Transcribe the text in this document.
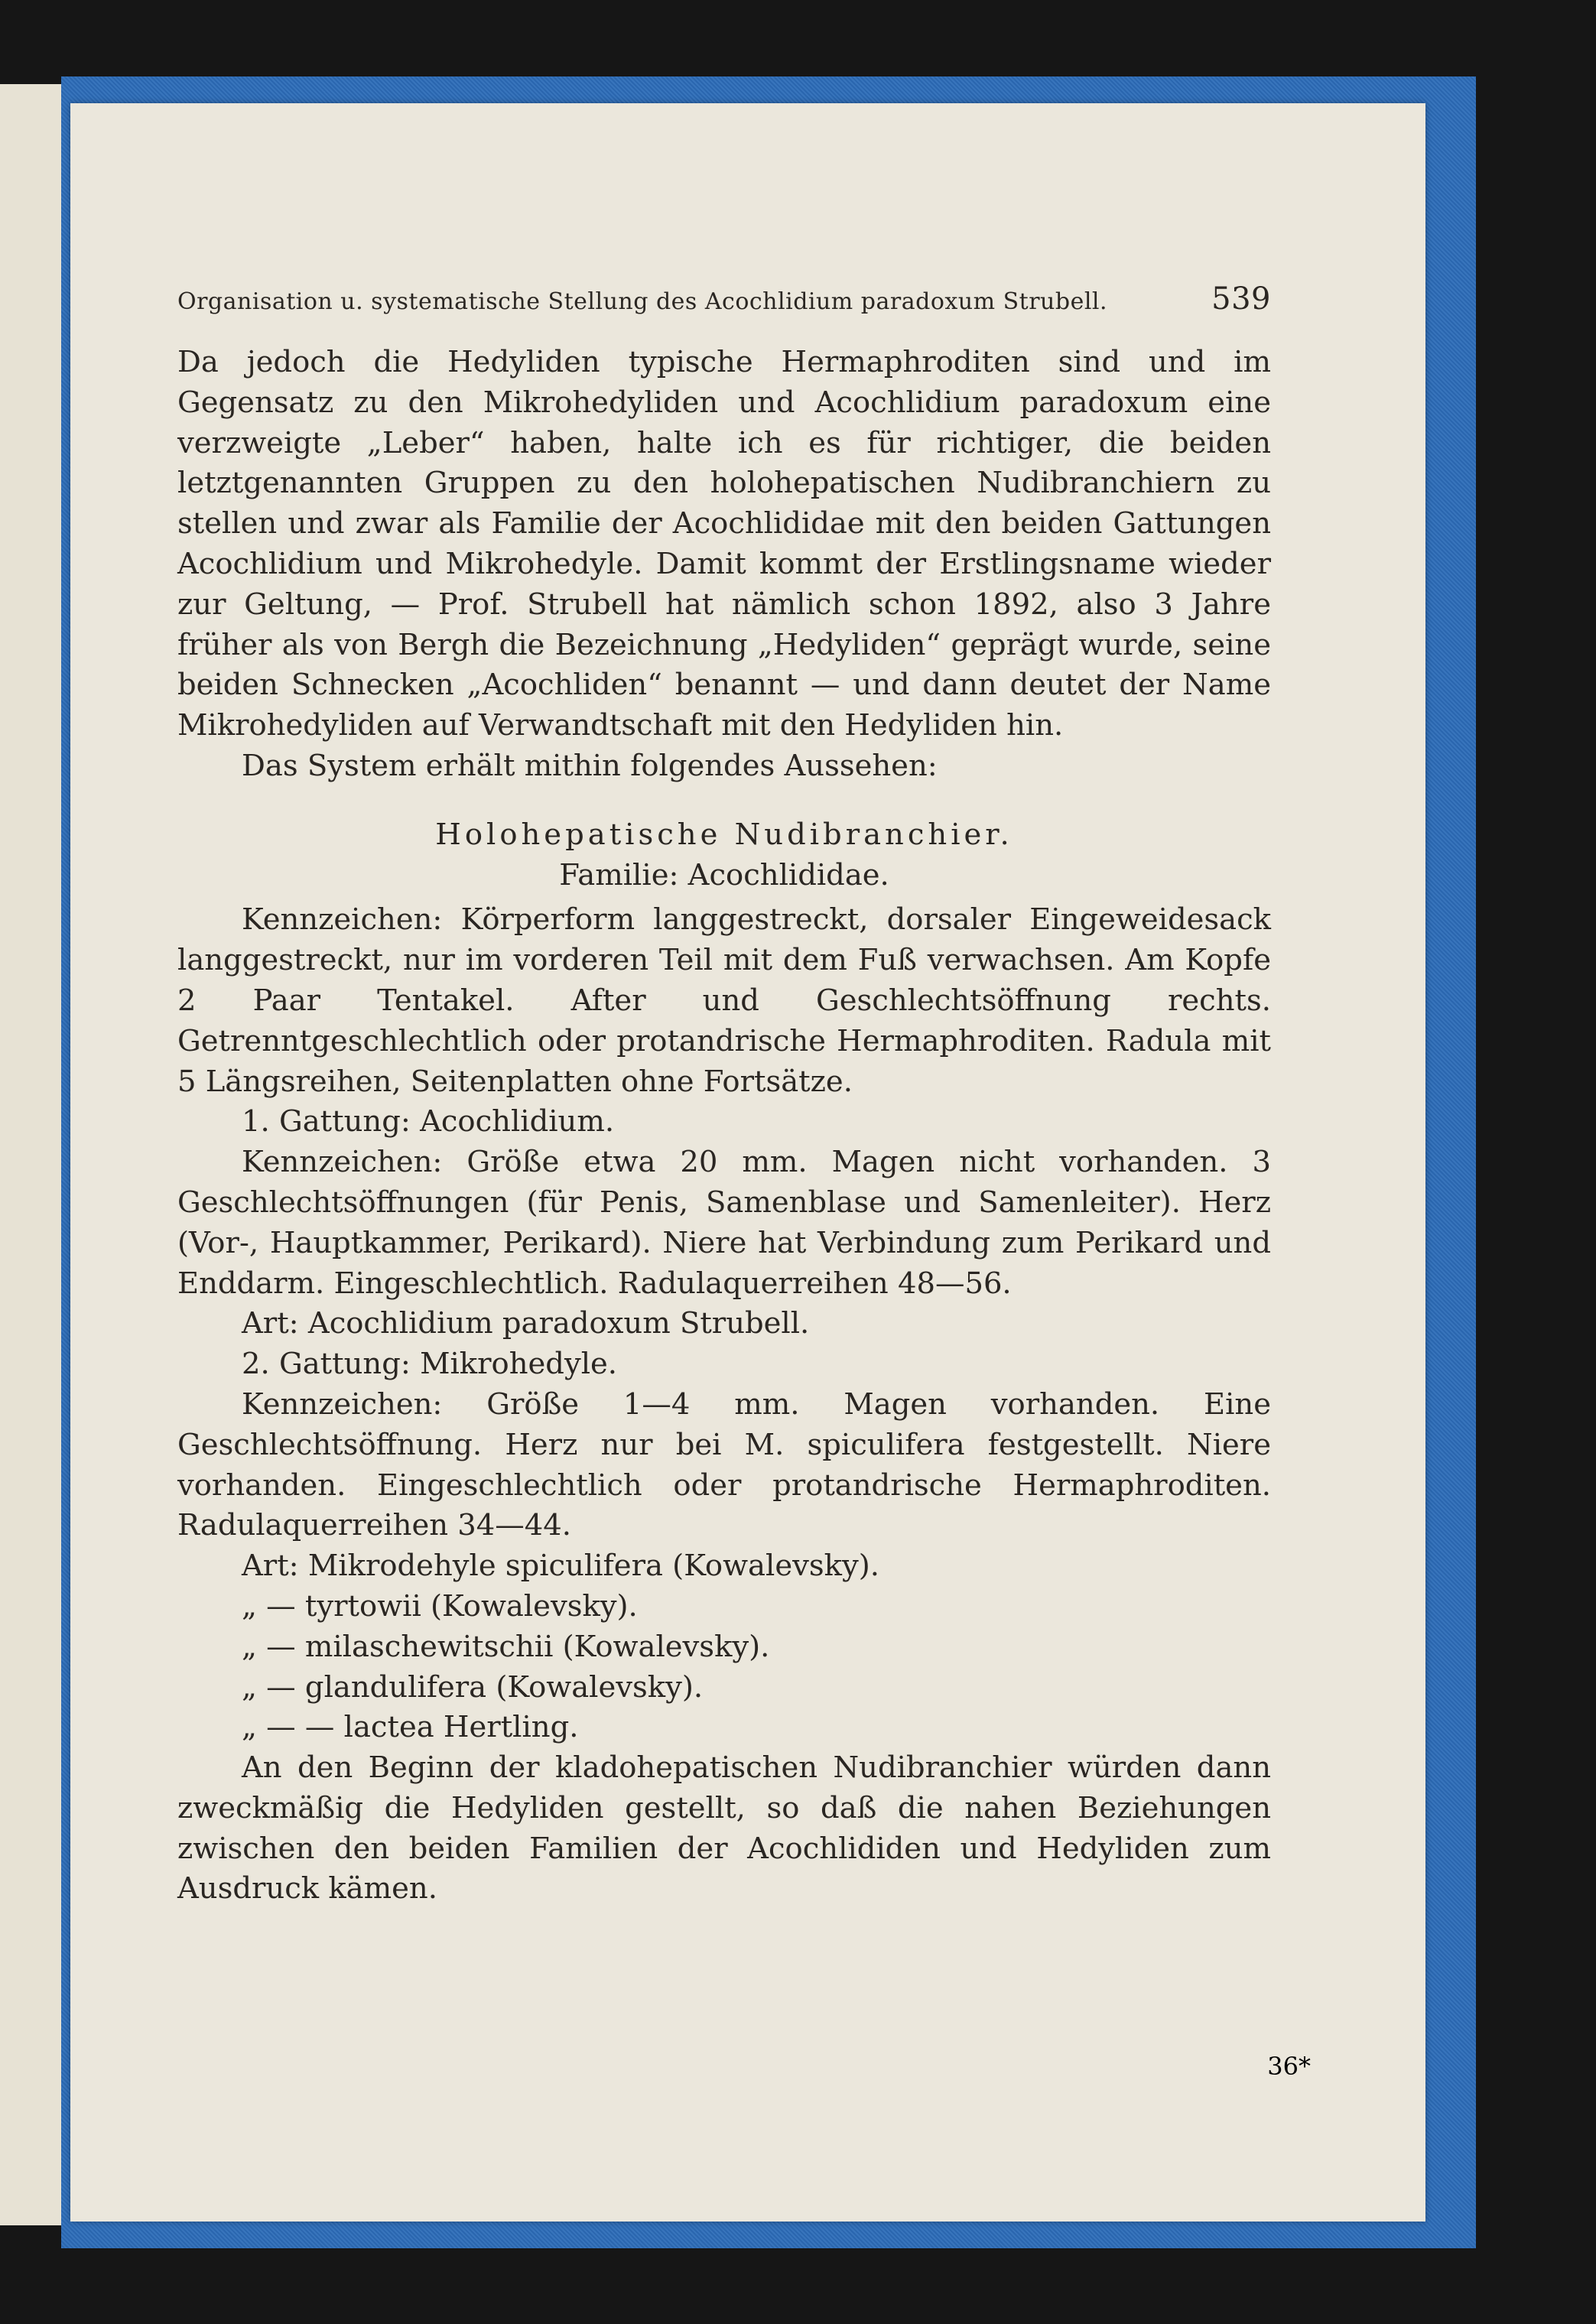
Organisation u. systematische Stellung des Acochlidium paradoxum Strubell.	539

Da jedoch die Hedyliden typische Hermaphroditen sind und im Gegensatz zu den Mikrohedyliden und Acochlidium paradoxum eine verzweigte „Leber“ haben, halte ich es für richtiger, die beiden letztgenannten Gruppen zu den holohepatischen Nudibranchiern zu stellen und zwar als Familie der Acochlididae mit den beiden Gattungen Acochlidium und Mikrohedyle. Damit kommt der Erstlingsname wieder zur Geltung, — Prof. Strubell hat nämlich schon 1892, also 3 Jahre früher als von Bergh die Bezeichnung „Hedyliden“ geprägt wurde, seine beiden Schnecken „Acochliden“ benannt — und dann deutet der Name Mikrohedyliden auf Verwandtschaft mit den Hedyliden hin.

Das System erhält mithin folgendes Aussehen:

Holohepatische Nudibranchier.

Familie: Acochlididae.

Kennzeichen: Körperform langgestreckt, dorsaler Eingeweidesack langgestreckt, nur im vorderen Teil mit dem Fuß verwachsen. Am Kopfe 2 Paar Tentakel. After und Geschlechtsöffnung rechts. Getrenntgeschlechtlich oder protandrische Hermaphroditen. Radula mit 5 Längsreihen, Seitenplatten ohne Fortsätze.

1. Gattung: Acochlidium.

Kennzeichen: Größe etwa 20 mm. Magen nicht vorhanden. 3 Geschlechtsöffnungen (für Penis, Samenblase und Samenleiter). Herz (Vor-, Hauptkammer, Perikard). Niere hat Verbindung zum Perikard und Enddarm. Eingeschlechtlich. Radulaquerreihen 48—56.

Art: Acochlidium paradoxum Strubell.

2. Gattung: Mikrohedyle.

Kennzeichen: Größe 1—4 mm. Magen vorhanden. Eine Geschlechtsöffnung. Herz nur bei M. spiculifera festgestellt. Niere vorhanden. Eingeschlechtlich oder protandrische Hermaphroditen. Radulaquerreihen 34—44.

Art: Mikrodehyle spiculifera (Kowalevsky).
„ — tyrtowii (Kowalevsky).
„ — milaschewitschii (Kowalevsky).
„ — glandulifera (Kowalevsky).
„ — — lactea Hertling.

An den Beginn der kladohepatischen Nudibranchier würden dann zweckmäßig die Hedyliden gestellt, so daß die nahen Beziehungen zwischen den beiden Familien der Acochlididen und Hedyliden zum Ausdruck kämen.

36*
